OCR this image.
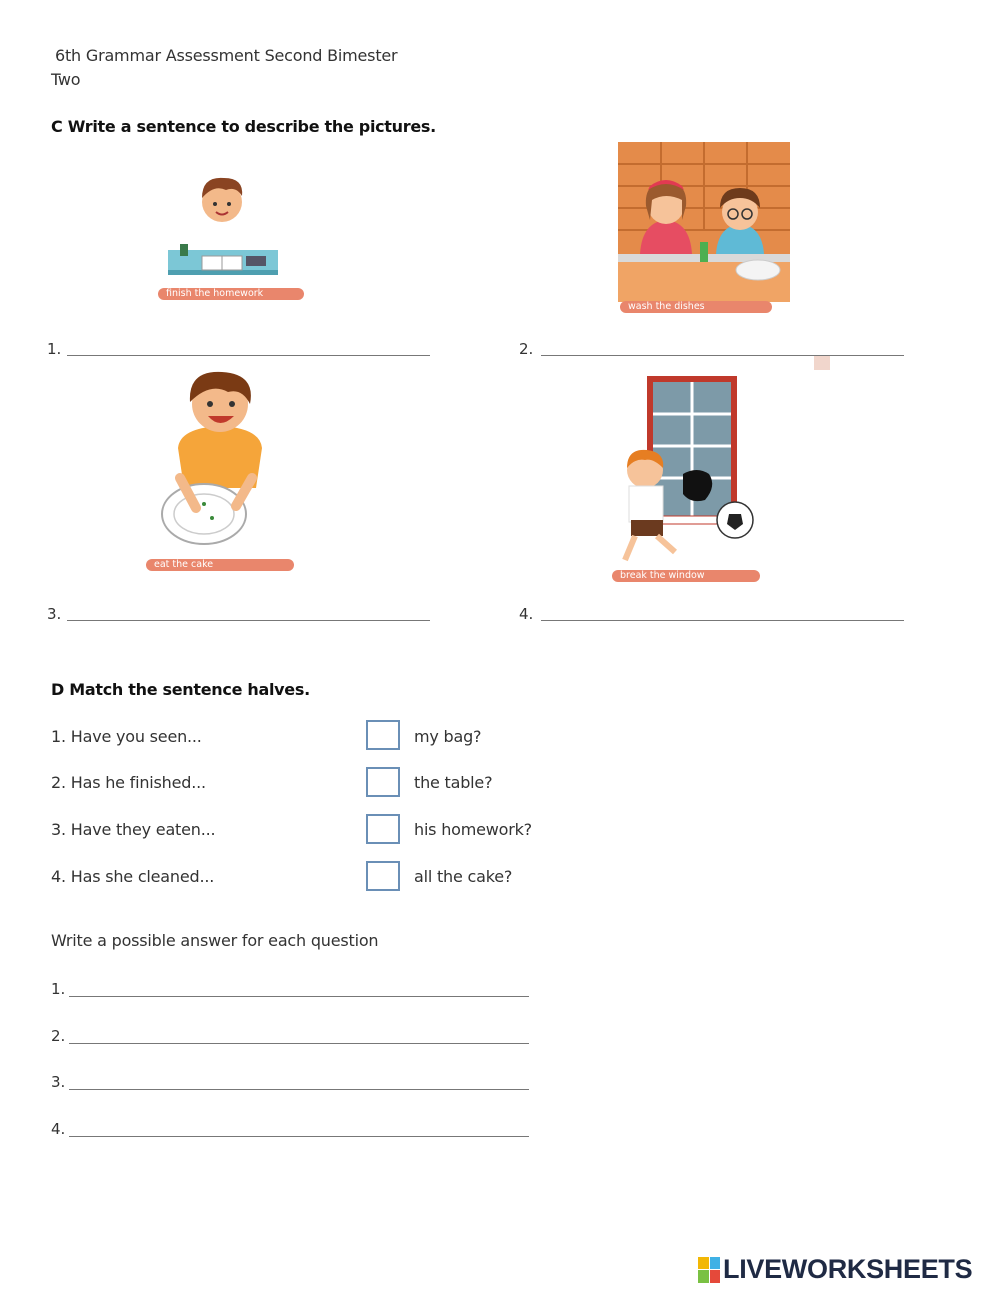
6th Grammar Assessment Second Bimester
Two
C Write a sentence to describe the pictures.
finish the homework
wash the dishes
1.	2.
eat the cake
break the window
3.	4.
D Match the sentence halves.
1. Have you seen...
2. Has he finished...
3. Have they eaten...
4. Has she cleaned...
my bag?
the table?
his homework?
all the cake?
Write a possible answer for each question
1.
2.
3.
4.
LIVEWORKSHEETS
